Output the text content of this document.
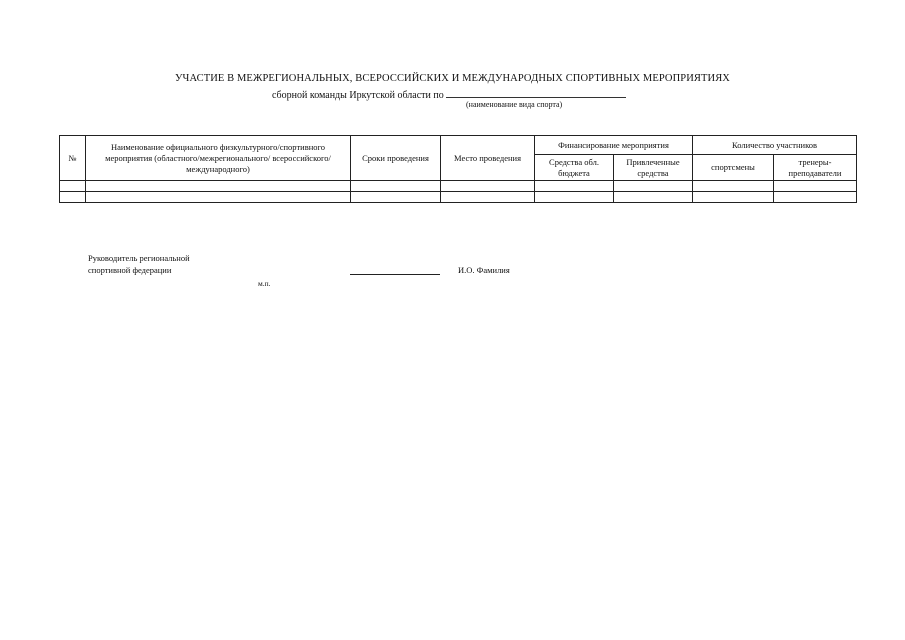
УЧАСТИЕ В МЕЖРЕГИОНАЛЬНЫХ, ВСЕРОССИЙСКИХ И МЕЖДУНАРОДНЫХ СПОРТИВНЫХ МЕРОПРИЯТИЯХ
сборной команды Иркутской области по
(наименование вида спорта)
№	Наименование официального физкультурного/спортивного мероприятия (областного/межрегионального/ всероссийского/международного)	Сроки проведения	Место проведения	Финансирование мероприятия		Количество участников	
				Средства обл. бюджета	Привлеченные средства	спортсмены	тренеры-преподаватели

Руководитель региональной
спортивной федерации	И.О. Фамилия
м.п.
